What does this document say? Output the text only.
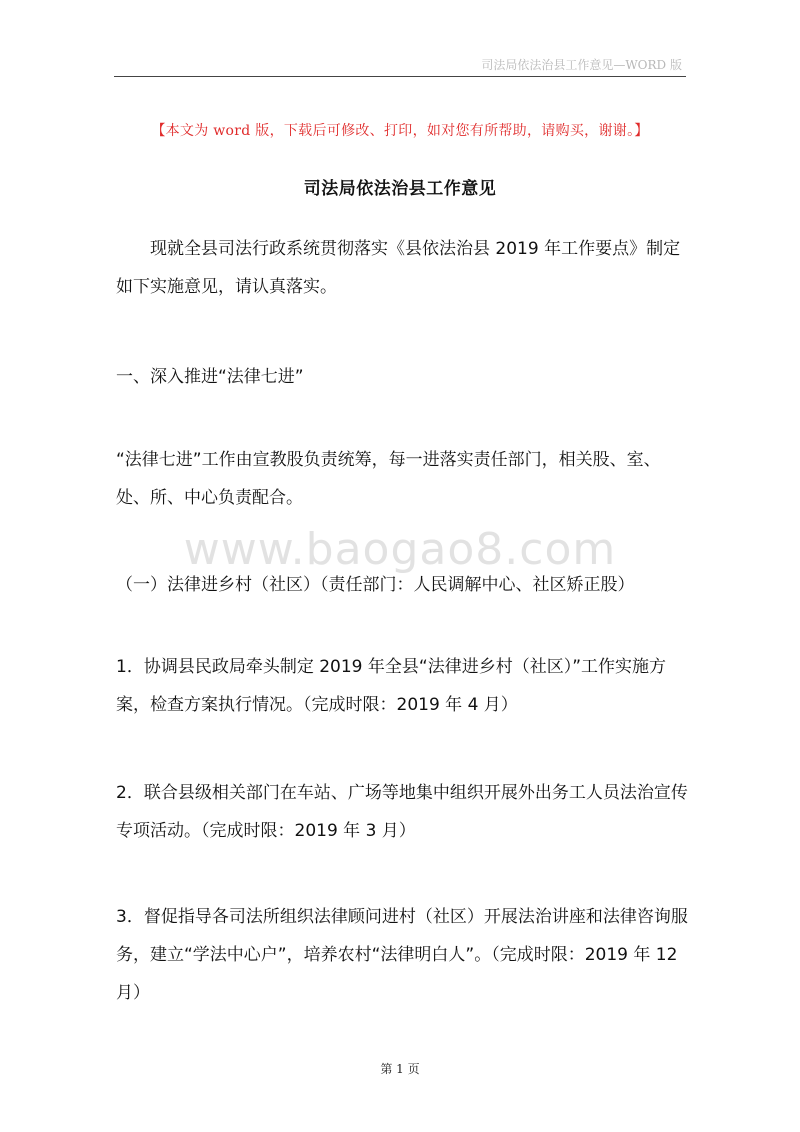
司法局依法治县工作意见—WORD 版
【本文为 word 版，下载后可修改、打印，如对您有所帮助，请购买，谢谢。】
司法局依法治县工作意见
现就全县司法行政系统贯彻落实《县依法治县 2019 年工作要点》制定如下实施意见，请认真落实。
一、深入推进“法律七进”
“法律七进”工作由宣教股负责统筹，每一进落实责任部门，相关股、室、处、所、中心负责配合。
www.baogao8.com
（一）法律进乡村（社区）（责任部门：人民调解中心、社区矫正股）
1．协调县民政局牵头制定 2019 年全县“法律进乡村（社区）”工作实施方案，检查方案执行情况。（完成时限：2019 年 4 月）
2．联合县级相关部门在车站、广场等地集中组织开展外出务工人员法治宣传专项活动。（完成时限：2019 年 3 月）
3．督促指导各司法所组织法律顾问进村（社区）开展法治讲座和法律咨询服务，建立“学法中心户”，培养农村“法律明白人”。（完成时限：2019 年 12 月）
第 1 页
